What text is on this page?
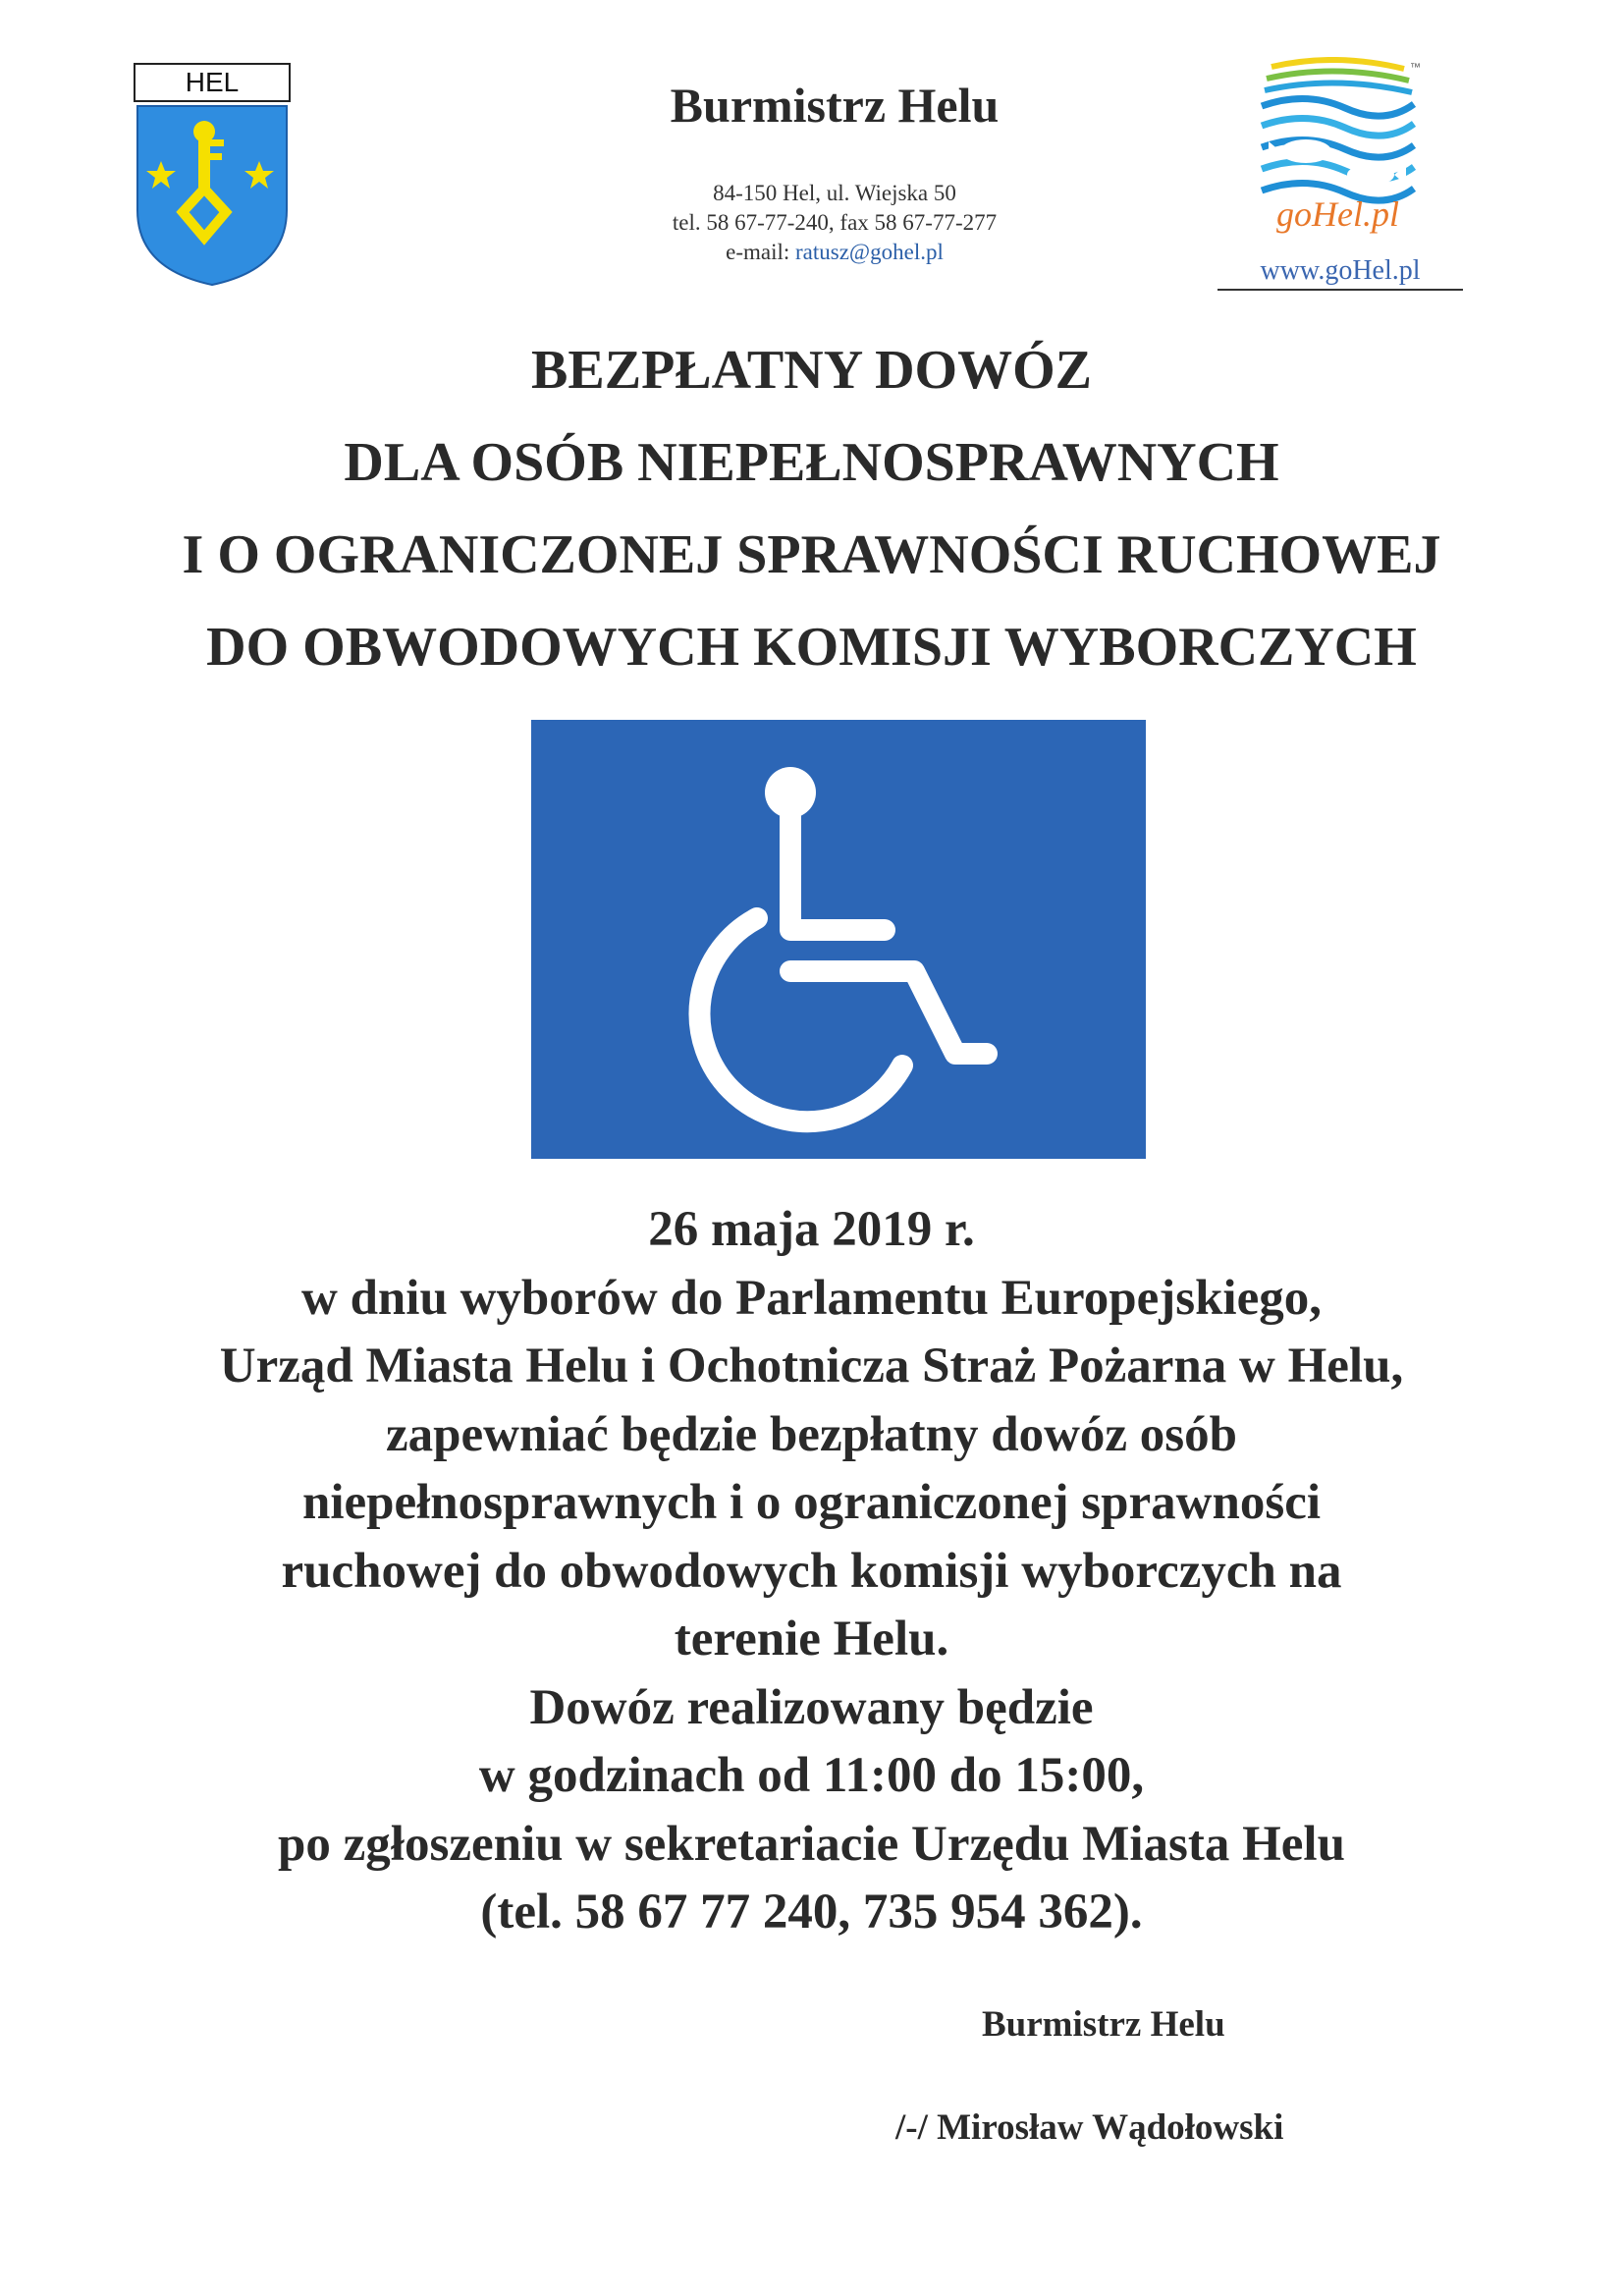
HEL	Burmistrz Helu

84-150 Hel, ul. Wiejska 50
tel. 58 67-77-240, fax 58 67-77-277
e-mail: ratusz@gohel.pl
™
goHel.pl
www.goHel.pl
BEZPŁATNY DOWÓZ
DLA OSÓB NIEPEŁNOSPRAWNYCH
I O OGRANICZONEJ SPRAWNOŚCI RUCHOWEJ
DO OBWODOWYCH KOMISJI WYBORCZYCH
26 maja 2019 r.
w dniu wyborów do Parlamentu Europejskiego,
Urząd Miasta Helu i Ochotnicza Straż Pożarna w Helu,
zapewniać będzie bezpłatny dowóz osób
niepełnosprawnych i o ograniczonej sprawności
ruchowej do obwodowych komisji wyborczych na
terenie Helu.
Dowóz realizowany będzie
w godzinach od 11:00 do 15:00,
po zgłoszeniu w sekretariacie Urzędu Miasta Helu
(tel. 58 67 77 240, 735 954 362).
Burmistrz Helu
/-/ Mirosław Wądołowski
